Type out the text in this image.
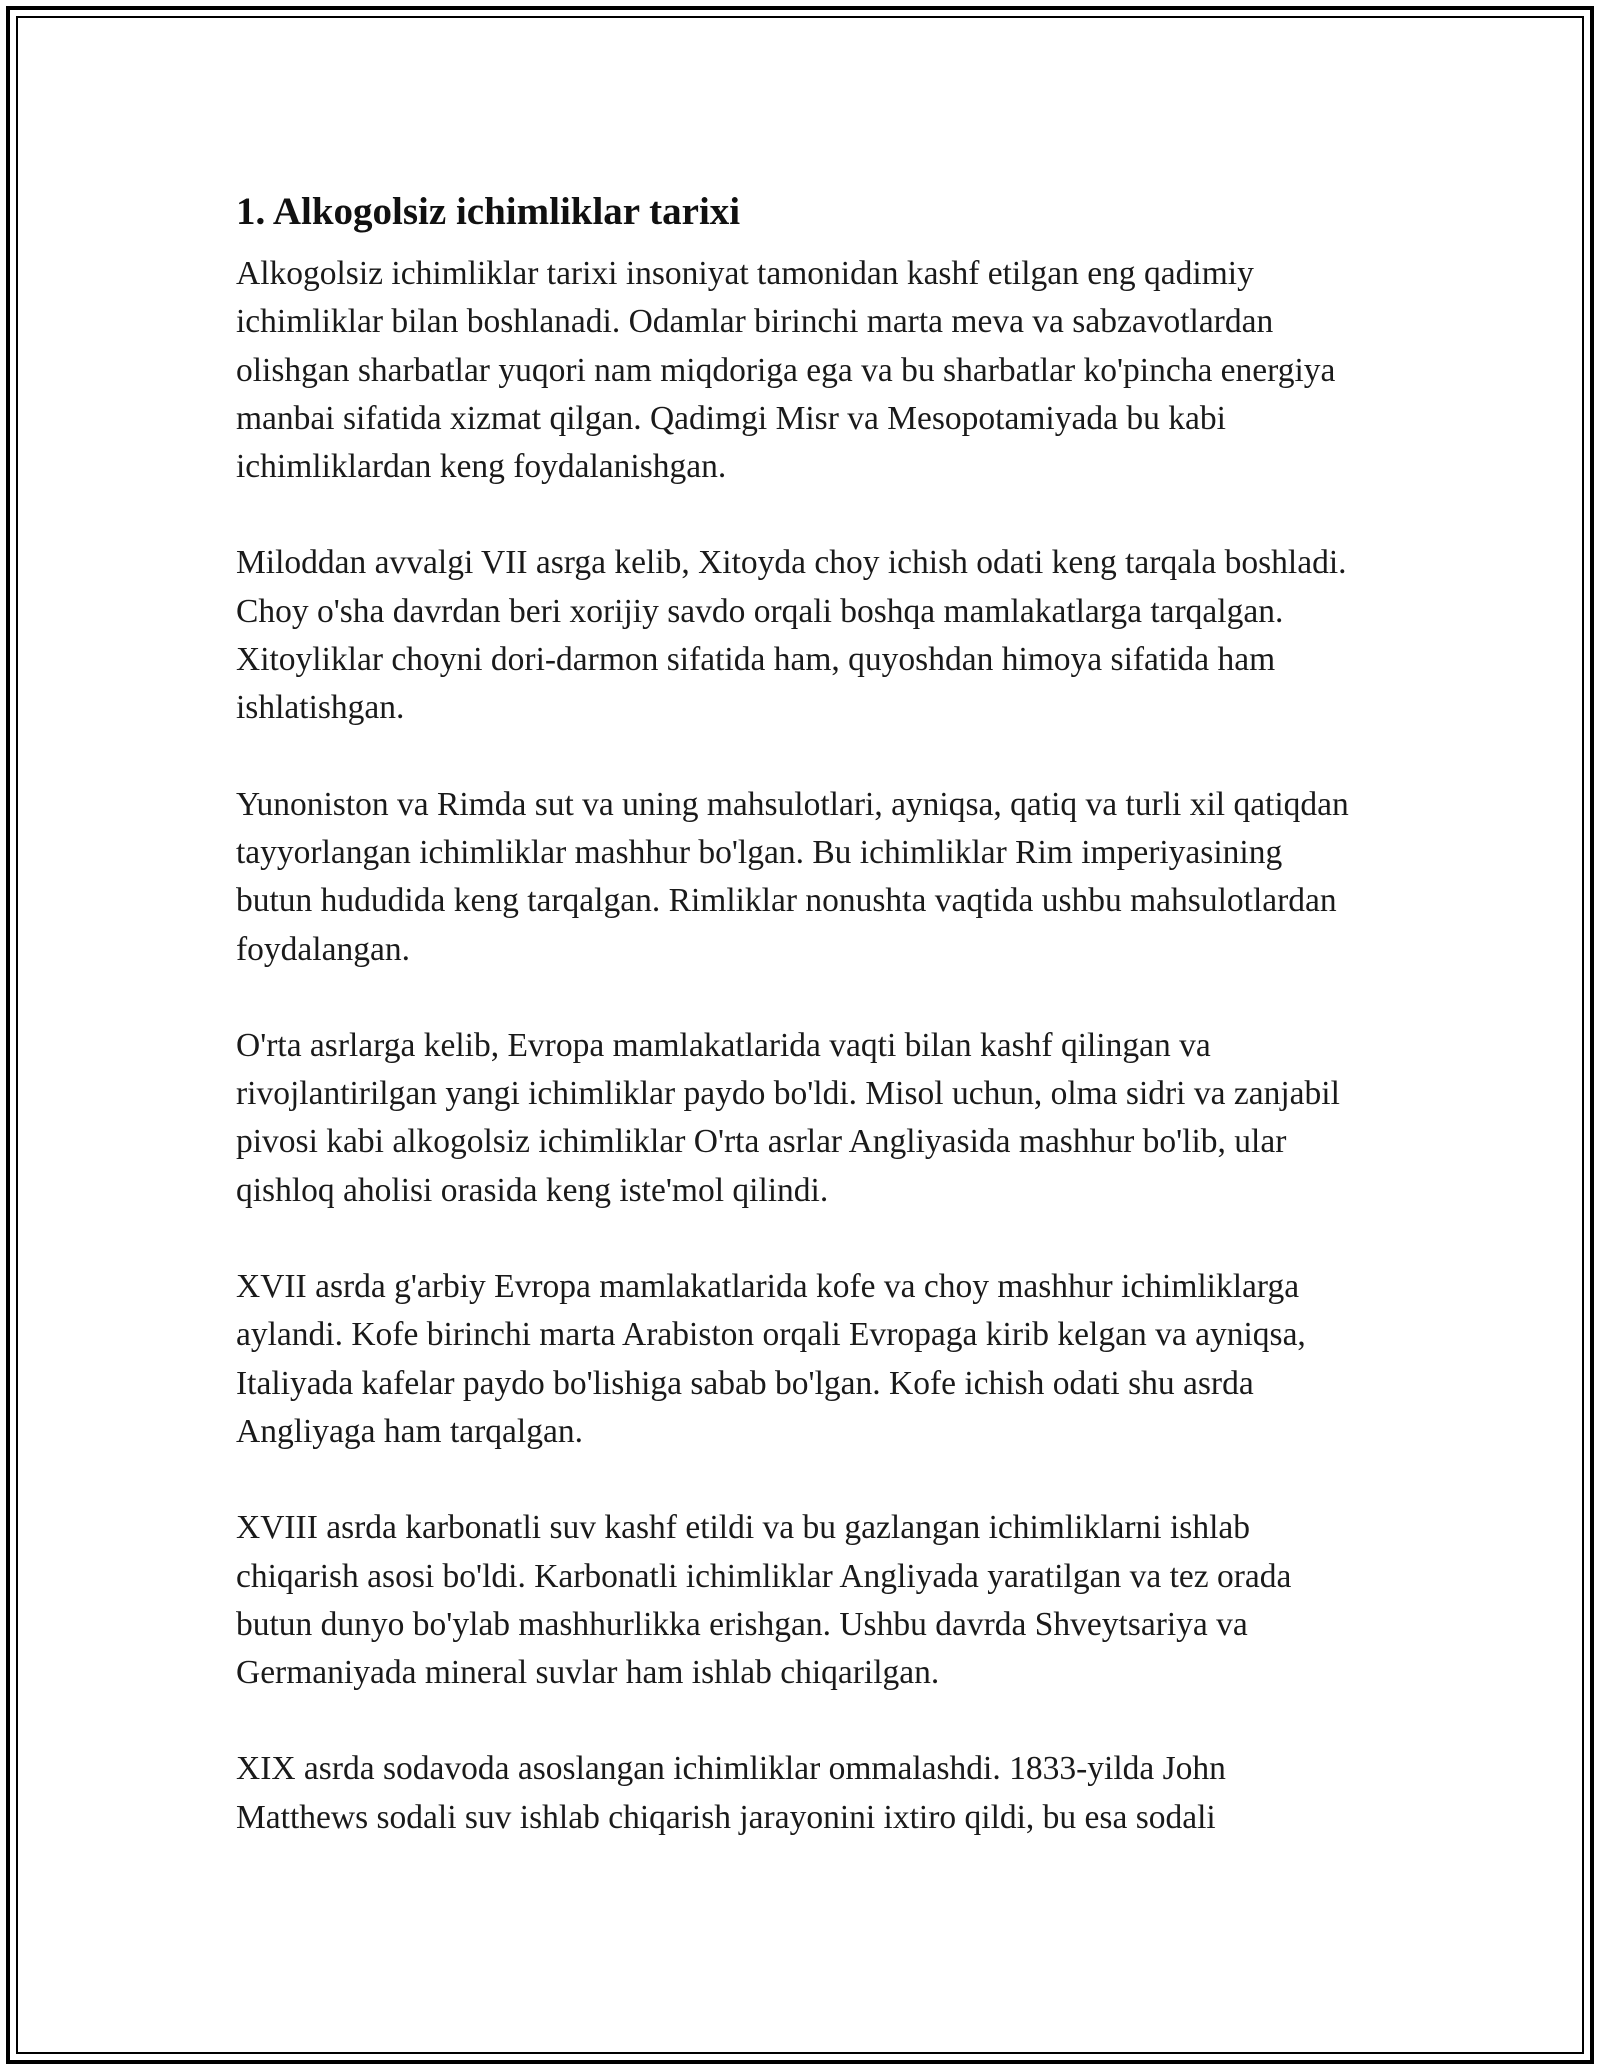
1. Alkogolsiz ichimliklar tarixi

Alkogolsiz ichimliklar tarixi insoniyat tamonidan kashf etilgan eng qadimiy ichimliklar bilan boshlanadi. Odamlar birinchi marta meva va sabzavotlardan olishgan sharbatlar yuqori nam miqdoriga ega va bu sharbatlar ko'pincha energiya manbai sifatida xizmat qilgan. Qadimgi Misr va Mesopotamiyada bu kabi ichimliklardan keng foydalanishgan.

Miloddan avvalgi VII asrga kelib, Xitoyda choy ichish odati keng tarqala boshladi. Choy o'sha davrdan beri xorijiy savdo orqali boshqa mamlakatlarga tarqalgan. Xitoyliklar choyni dori-darmon sifatida ham, quyoshdan himoya sifatida ham ishlatishgan.

Yunoniston va Rimda sut va uning mahsulotlari, ayniqsa, qatiq va turli xil qatiqdan tayyorlangan ichimliklar mashhur bo'lgan. Bu ichimliklar Rim imperiyasining butun hududida keng tarqalgan. Rimliklar nonushta vaqtida ushbu mahsulotlardan foydalangan.

O'rta asrlarga kelib, Evropa mamlakatlarida vaqti bilan kashf qilingan va rivojlantirilgan yangi ichimliklar paydo bo'ldi. Misol uchun, olma sidri va zanjabil pivosi kabi alkogolsiz ichimliklar O'rta asrlar Angliyasida mashhur bo'lib, ular qishloq aholisi orasida keng iste'mol qilindi.

XVII asrda g'arbiy Evropa mamlakatlarida kofe va choy mashhur ichimliklarga aylandi. Kofe birinchi marta Arabiston orqali Evropaga kirib kelgan va ayniqsa, Italiyada kafelar paydo bo'lishiga sabab bo'lgan. Kofe ichish odati shu asrda Angliyaga ham tarqalgan.

XVIII asrda karbonatli suv kashf etildi va bu gazlangan ichimliklarni ishlab chiqarish asosi bo'ldi. Karbonatli ichimliklar Angliyada yaratilgan va tez orada butun dunyo bo'ylab mashhurlikka erishgan. Ushbu davrda Shveytsariya va Germaniyada mineral suvlar ham ishlab chiqarilgan.

XIX asrda sodavoda asoslangan ichimliklar ommalashdi. 1833-yilda John Matthews sodali suv ishlab chiqarish jarayonini ixtiro qildi, bu esa sodali
